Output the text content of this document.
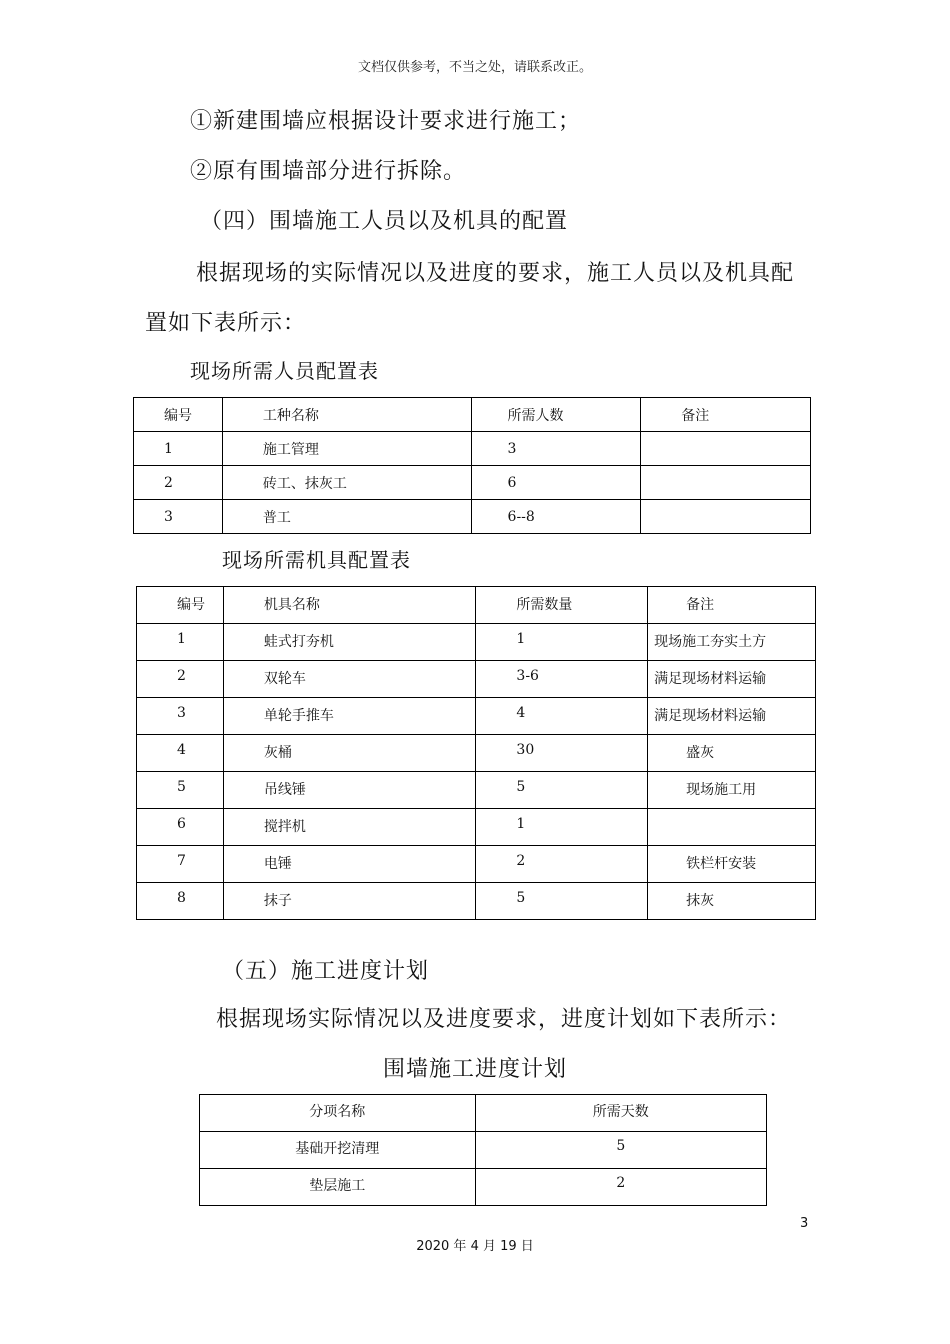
文档仅供参考，不当之处，请联系改正。
①新建围墙应根据设计要求进行施工；
②原有围墙部分进行拆除。
（四）围墙施工人员以及机具的配置
根据现场的实际情况以及进度的要求，施工人员以及机具配
置如下表所示：
现场所需人员配置表
编号	工种名称	所需人数	备注

1	施工管理	3	

2	砖工、抹灰工	6	

3	普工	6--8	

现场所需机具配置表
编号	机具名称	所需数量	备注

1	蛙式打夯机	1	现场施工夯实土方

2	双轮车	3-6	满足现场材料运输

3	单轮手推车	4	满足现场材料运输

4	灰桶	30	盛灰

5	吊线锤	5	现场施工用

6	搅拌机	1	

7	电锤	2	铁栏杆安装

8	抹子	5	抹灰
（五）施工进度计划
根据现场实际情况以及进度要求，进度计划如下表所示：
围墙施工进度计划
分项名称	所需天数

基础开挖清理	5

垫层施工	2
3
2020 年 4 月 19 日
